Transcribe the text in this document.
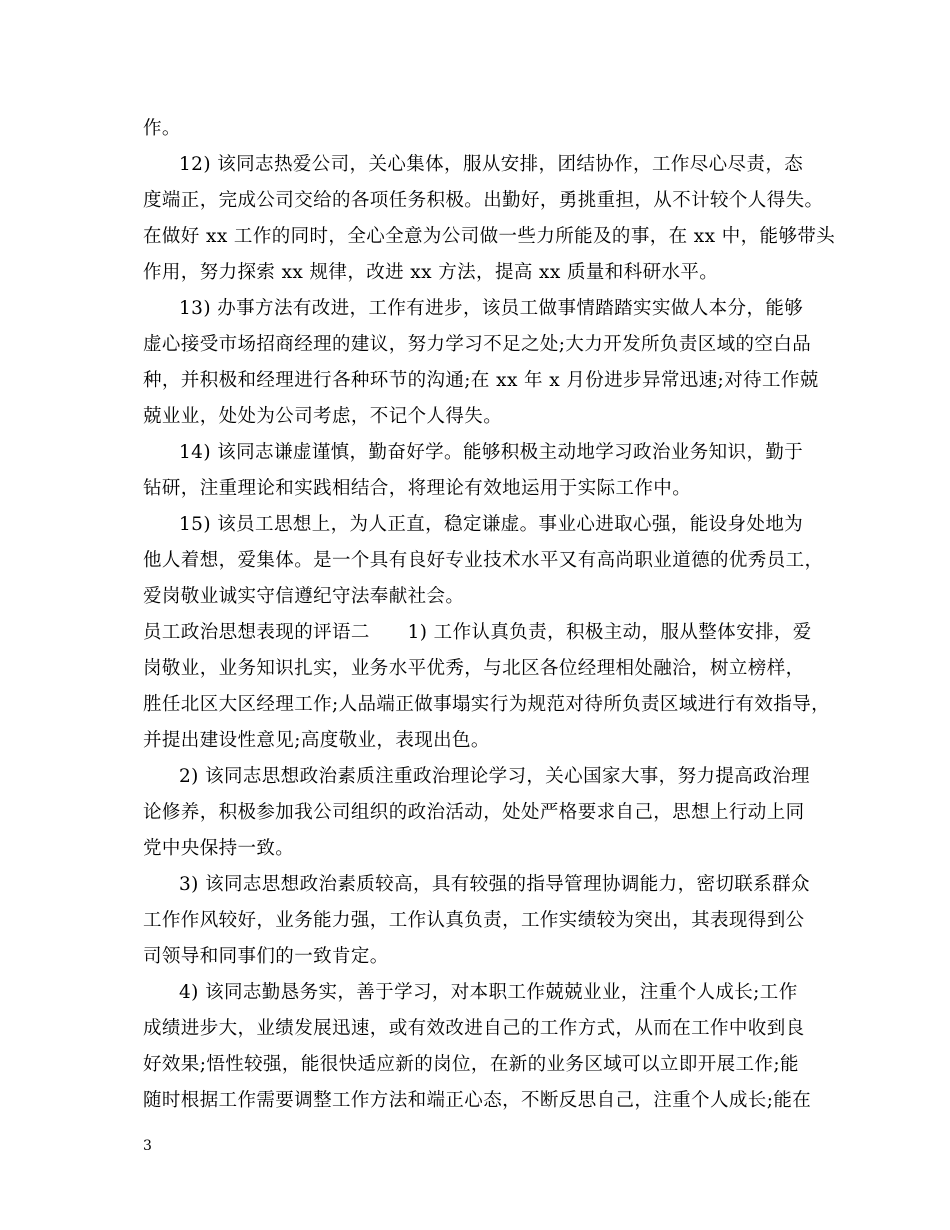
作。
12) 该同志热爱公司，关心集体，服从安排，团结协作，工作尽心尽责，态
度端正，完成公司交给的各项任务积极。出勤好，勇挑重担，从不计较个人得失。
在做好 xx 工作的同时，全心全意为公司做一些力所能及的事，在 xx 中，能够带头
作用，努力探索 xx 规律，改进 xx 方法，提高 xx 质量和科研水平。
13) 办事方法有改进，工作有进步，该员工做事情踏踏实实做人本分，能够
虚心接受市场招商经理的建议，努力学习不足之处;大力开发所负责区域的空白品
种，并积极和经理进行各种环节的沟通;在 xx 年 x 月份进步异常迅速;对待工作兢
兢业业，处处为公司考虑，不记个人得失。
14) 该同志谦虚谨慎，勤奋好学。能够积极主动地学习政治业务知识，勤于
钻研，注重理论和实践相结合，将理论有效地运用于实际工作中。
15) 该员工思想上，为人正直，稳定谦虚。事业心进取心强，能设身处地为
他人着想，爱集体。是一个具有良好专业技术水平又有高尚职业道德的优秀员工，
爱岗敬业诚实守信遵纪守法奉献社会。
员工政治思想表现的评语二　　1) 工作认真负责，积极主动，服从整体安排，爱
岗敬业，业务知识扎实，业务水平优秀，与北区各位经理相处融洽，树立榜样，
胜任北区大区经理工作;人品端正做事塌实行为规范对待所负责区域进行有效指导，
并提出建设性意见;高度敬业，表现出色。
2) 该同志思想政治素质注重政治理论学习，关心国家大事，努力提高政治理
论修养，积极参加我公司组织的政治活动，处处严格要求自己，思想上行动上同
党中央保持一致。
3) 该同志思想政治素质较高，具有较强的指导管理协调能力，密切联系群众
工作作风较好，业务能力强，工作认真负责，工作实绩较为突出，其表现得到公
司领导和同事们的一致肯定。
4) 该同志勤恳务实，善于学习，对本职工作兢兢业业，注重个人成长;工作
成绩进步大，业绩发展迅速，或有效改进自己的工作方式，从而在工作中收到良
好效果;悟性较强，能很快适应新的岗位，在新的业务区域可以立即开展工作;能
随时根据工作需要调整工作方法和端正心态，不断反思自己，注重个人成长;能在
3
